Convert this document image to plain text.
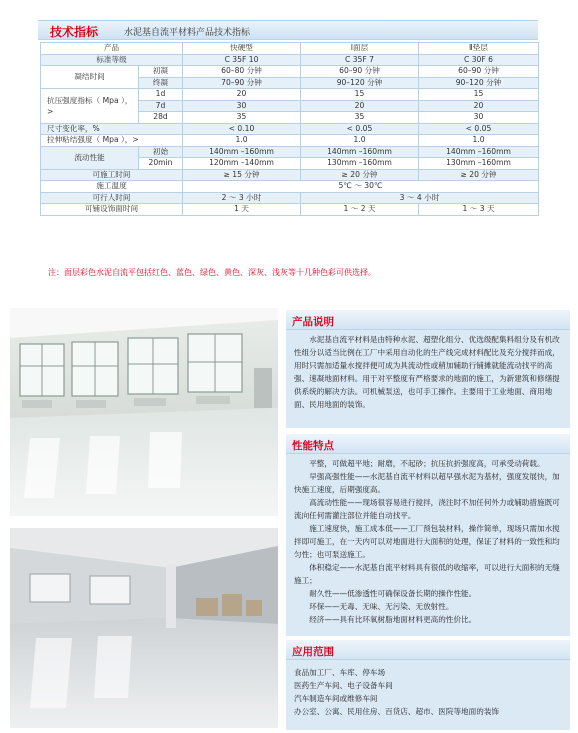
技术指标	水泥基自流平材料产品技术指标
产品		快硬型	Ⅰ面层	Ⅱ垫层
标准等级		C 35F 10	C 35F 7	C 30F 6
凝结时间	初凝	60–80 分钟	60–90 分钟	60–90 分钟
	终凝	70–90 分钟	90–120 分钟	90–120 分钟
抗压强度指标（ Mpa ），
>	1d	20	15	15
	7d	30	20	20
	28d	35	35	30
尺寸变化率，%		< 0.10	< 0.05	< 0.05
拉伸粘结强度（ Mpa ），>		1.0	1.0	1.0
流动性能	初始	140mm –160mm	140mm –160mm	140mm –160mm
	20min	120mm –140mm	130mm –160mm	130mm –160mm
可施工时间		≥ 15 分钟	≥ 20 分钟	≥ 20 分钟
施工温度		5℃ ～ 30℃		
可行人时间		2 ～ 3 小时	3 ～ 4 小时	
可铺设饰面时间		1 天	1 ～ 2 天	1 ～ 3 天
注：面层彩色水泥自流平包括红色、蓝色、绿色、黄色、深灰、浅灰等十几种色彩可供选择。
产品说明

水泥基自流平材料是由特种水泥、超塑化组分、优选级配集料组分及有机改性组分以适当比例在工厂中采用自动化的生产线完成材料配比及充分搅拌而成，用时只需加适量水搅拌便可成为具流动性或稍加辅助行铺摊就能流动找平的高强、速凝地面材料。用于对平整度有严格要求的地面的施工，为新建筑和修缮提供系统的解决方法。可机械泵送，也可手工操作。主要用于工业地面、商用地面、民用地面的装饰。

性能特点

平整，可做超平地；耐磨，不起砂；抗压抗折强度高，可承受动荷载。

早强高强性能——水泥基自流平材料以超早强水泥为基材，强度发展快，加快施工速度，后期强度高。

高流动性能——现场很容易进行搅拌，浇注时不加任何外力或辅助措施既可流向任何需灌注部位并能自动找平。

施工速度快，施工成本低——工厂预包装材料，操作简单，现场只需加水搅拌即可施工，在一天内可以对地面进行大面积的处理，保证了材料的一致性和均匀性；也可泵送施工。

体积稳定——水泥基自流平材料具有很低的收缩率，可以进行大面积的无缝施工；

耐久性——低渗透性可确保设备长期的操作性能。

环保——无毒、无味、无污染、无放射性。

经济——具有比环氧树脂地面材料更高的性价比。

应用范围

食品加工厂、车库、停车场

医药生产车间、电子设备车间

汽车制造车间或维修车间

办公室、公寓、民用住房、百货店、超市、医院等地面的装饰
